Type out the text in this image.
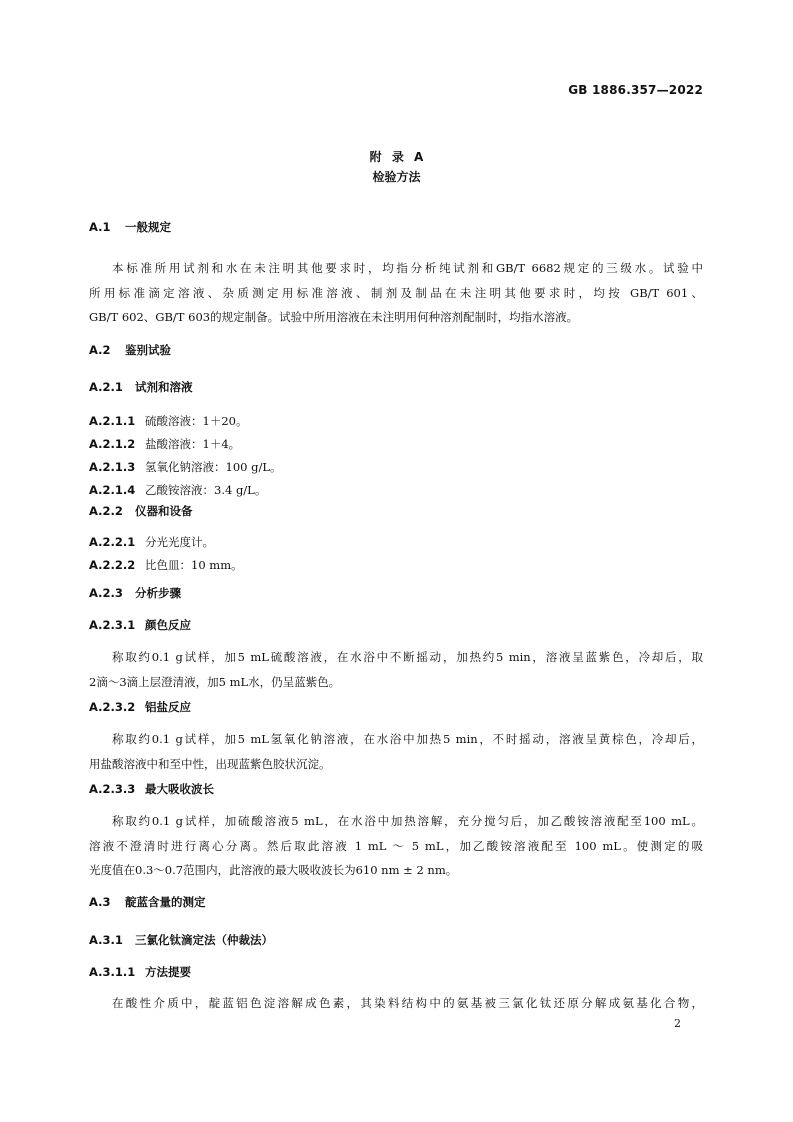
GB 1886.357—2022
附 录 A
检验方法
A.1 一般规定
本标准所用试剂和水在未注明其他要求时，均指分析纯试剂和GB/T 6682规定的三级水。试验中
所用标准滴定溶液、杂质测定用标准溶液、制剂及制品在未注明其他要求时，均按 GB/T 601、
GB/T 602、GB/T 603的规定制备。试验中所用溶液在未注明用何种溶剂配制时，均指水溶液。
A.2 鉴别试验
A.2.1 试剂和溶液
A.2.1.1 硫酸溶液：1＋20。
A.2.1.2 盐酸溶液：1＋4。
A.2.1.3 氢氧化钠溶液：100 g/L。
A.2.1.4 乙酸铵溶液：3.4 g/L。
A.2.2 仪器和设备
A.2.2.1 分光光度计。
A.2.2.2 比色皿：10 mm。
A.2.3 分析步骤
A.2.3.1 颜色反应
称取约0.1 g试样，加5 mL硫酸溶液，在水浴中不断摇动，加热约5 min，溶液呈蓝紫色，冷却后，取
2滴～3滴上层澄清液，加5 mL水，仍呈蓝紫色。
A.2.3.2 铝盐反应
称取约0.1 g试样，加5 mL氢氧化钠溶液，在水浴中加热5 min，不时摇动，溶液呈黄棕色，冷却后，
用盐酸溶液中和至中性，出现蓝紫色胶状沉淀。
A.2.3.3 最大吸收波长
称取约0.1 g试样，加硫酸溶液5 mL，在水浴中加热溶解，充分搅匀后，加乙酸铵溶液配至100 mL。
溶液不澄清时进行离心分离。然后取此溶液 1 mL ～ 5 mL，加乙酸铵溶液配至 100 mL。使测定的吸
光度值在0.3～0.7范围内，此溶液的最大吸收波长为610 nm ± 2 nm。
A.3 靛蓝含量的测定
A.3.1 三氯化钛滴定法（仲裁法）
A.3.1.1 方法提要
在酸性介质中，靛蓝铝色淀溶解成色素，其染料结构中的氨基被三氯化钛还原分解成氨基化合物，
2
